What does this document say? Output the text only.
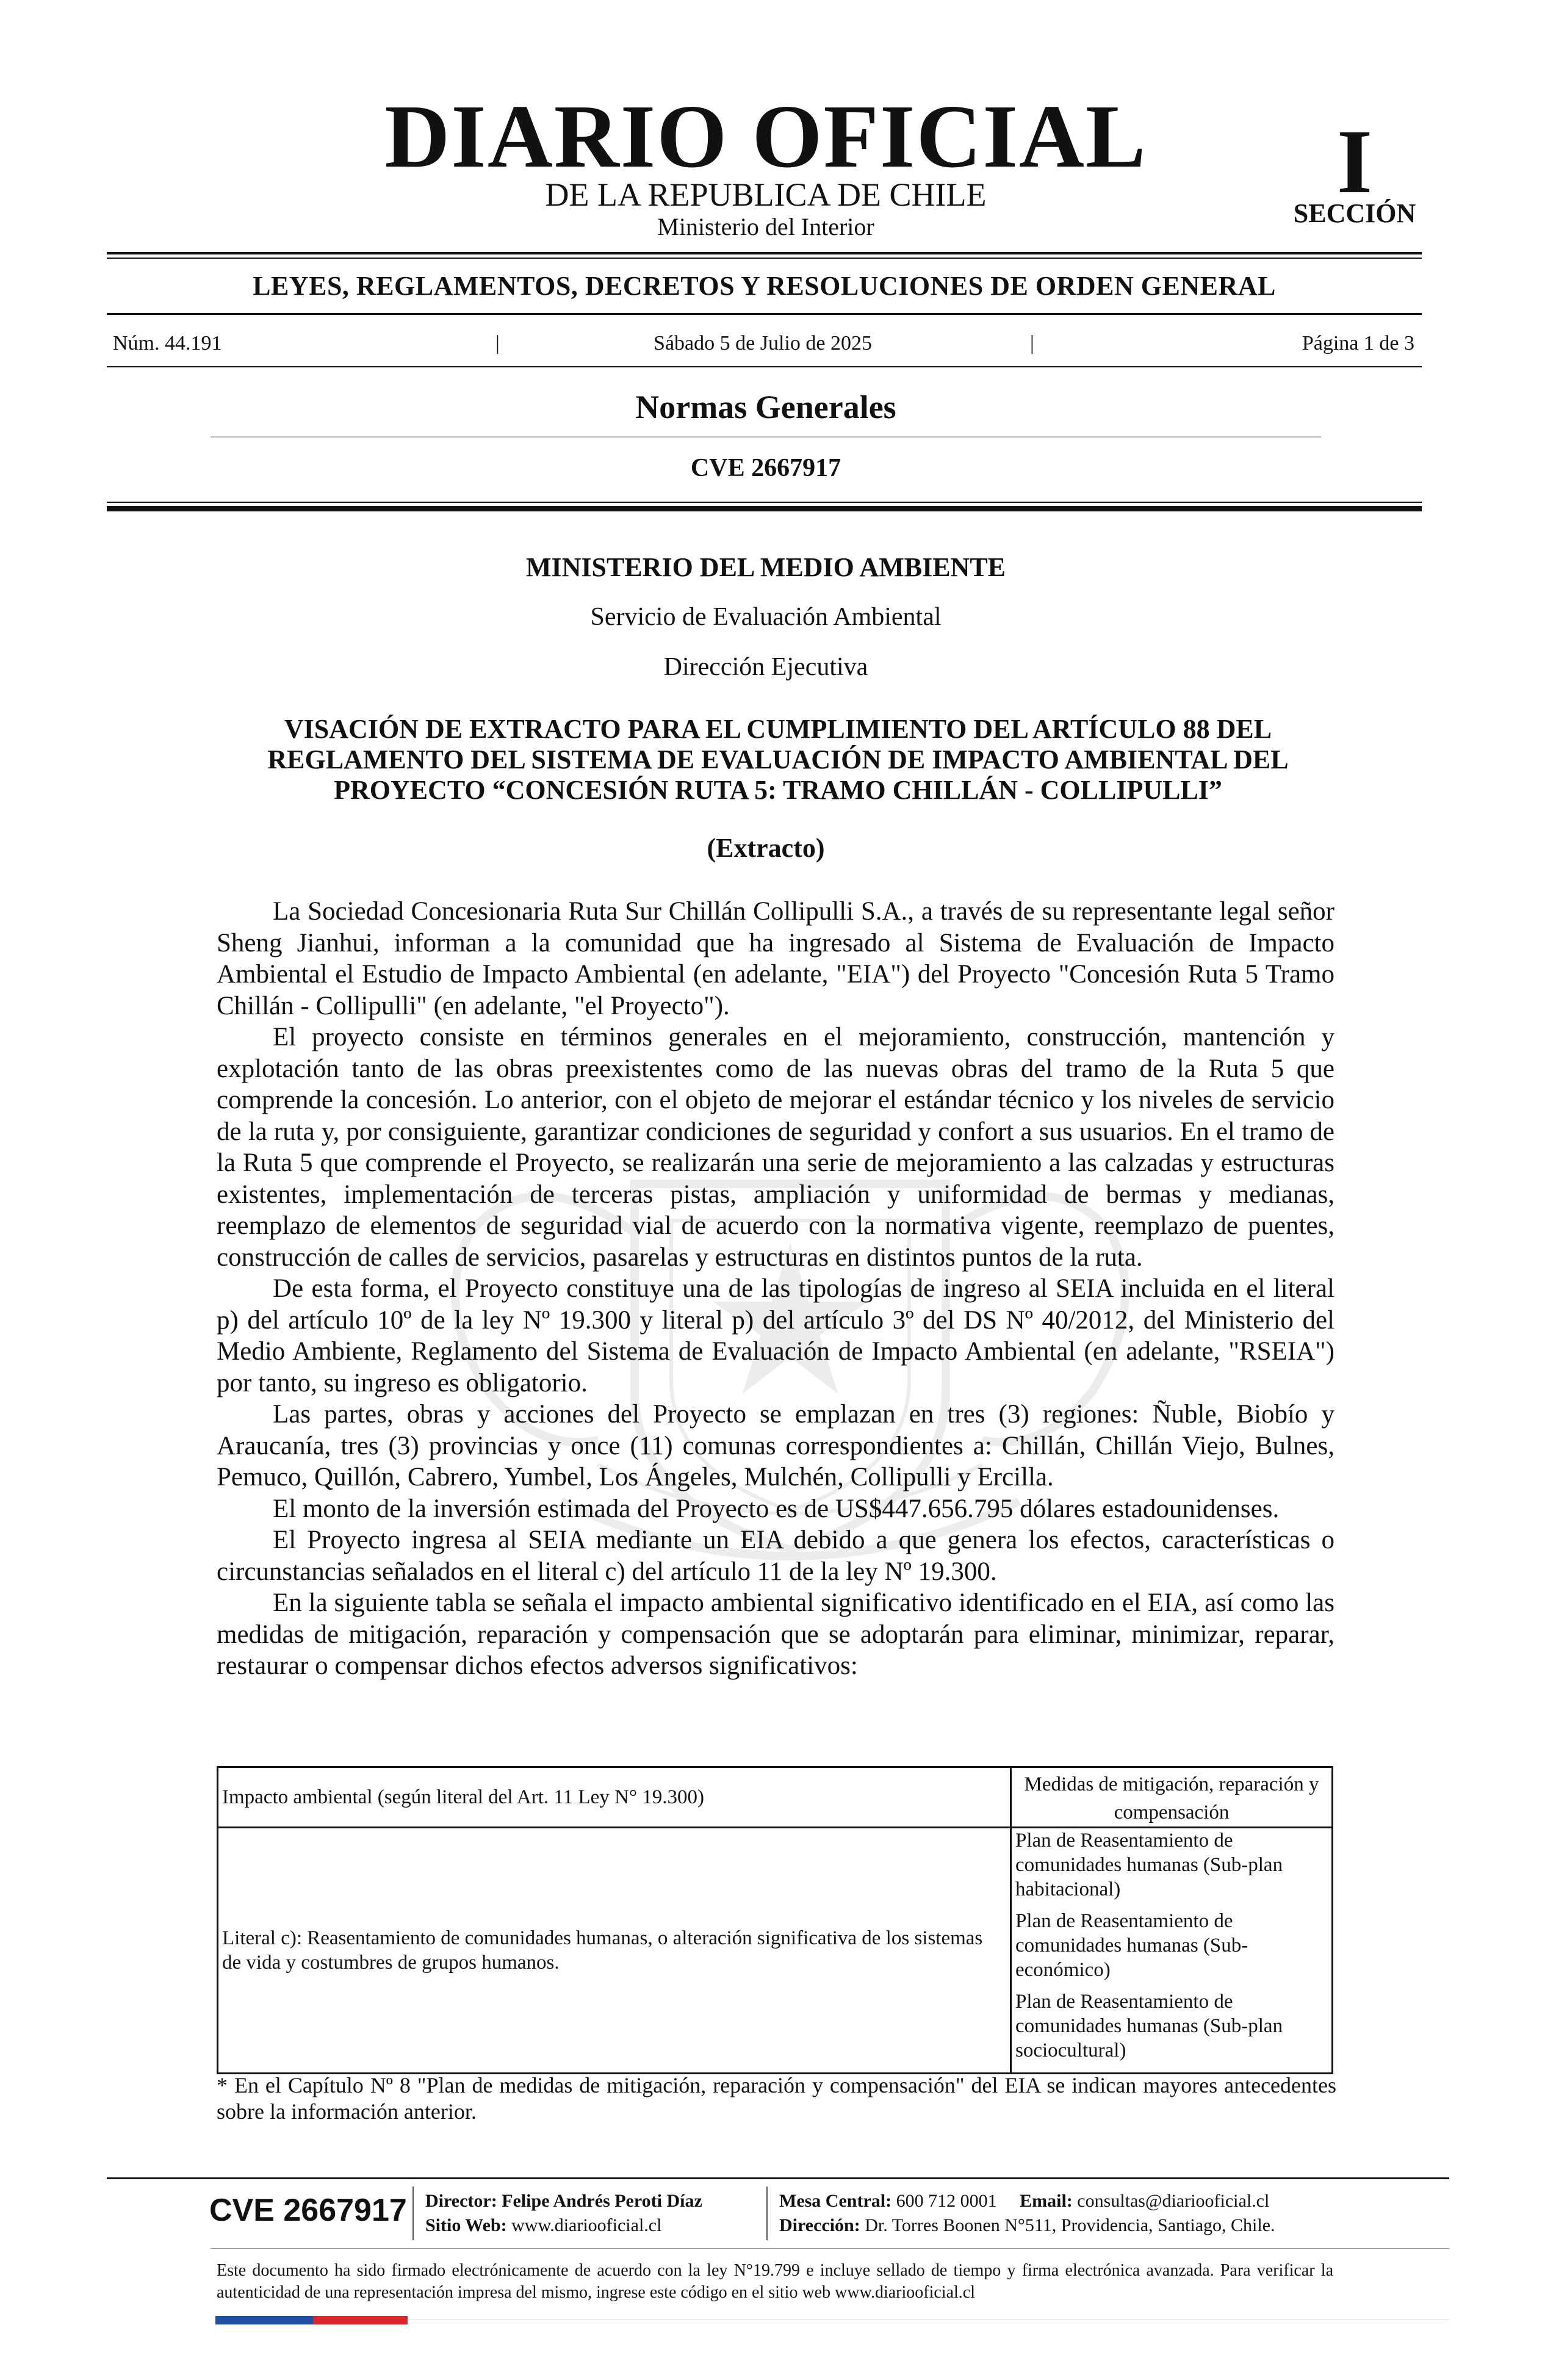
DIARIO OFICIAL
DE LA REPUBLICA DE CHILE
Ministerio del Interior
I
SECCIÓN
LEYES, REGLAMENTOS, DECRETOS Y RESOLUCIONES DE ORDEN GENERAL
Núm. 44.191	|	Sábado 5 de Julio de 2025	|	Página 1 de 3
Normas Generales
CVE 2667917
MINISTERIO DEL MEDIO AMBIENTE
Servicio de Evaluación Ambiental
Dirección Ejecutiva
VISACIÓN DE EXTRACTO PARA EL CUMPLIMIENTO DEL ARTÍCULO 88 DEL
REGLAMENTO DEL SISTEMA DE EVALUACIÓN DE IMPACTO AMBIENTAL DEL
PROYECTO “CONCESIÓN RUTA 5: TRAMO CHILLÁN - COLLIPULLI”
(Extracto)

La Sociedad Concesionaria Ruta Sur Chillán Collipulli S.A., a través de su representante legal señor Sheng Jianhui, informan a la comunidad que ha ingresado al Sistema de Evaluación de Impacto Ambiental el Estudio de Impacto Ambiental (en adelante, "EIA") del Proyecto "Concesión Ruta 5 Tramo Chillán - Collipulli" (en adelante, "el Proyecto").

El proyecto consiste en términos generales en el mejoramiento, construcción, mantención y explotación tanto de las obras preexistentes como de las nuevas obras del tramo de la Ruta 5 que comprende la concesión. Lo anterior, con el objeto de mejorar el estándar técnico y los niveles de servicio de la ruta y, por consiguiente, garantizar condiciones de seguridad y confort a sus usuarios. En el tramo de la Ruta 5 que comprende el Proyecto, se realizarán una serie de mejoramiento a las calzadas y estructuras existentes, implementación de terceras pistas, ampliación y uniformidad de bermas y medianas, reemplazo de elementos de seguridad vial de acuerdo con la normativa vigente, reemplazo de puentes, construcción de calles de servicios, pasarelas y estructuras en distintos puntos de la ruta.

De esta forma, el Proyecto constituye una de las tipologías de ingreso al SEIA incluida en el literal p) del artículo 10º de la ley Nº 19.300 y literal p) del artículo 3º del DS Nº 40/2012, del Ministerio del Medio Ambiente, Reglamento del Sistema de Evaluación de Impacto Ambiental (en adelante, "RSEIA") por tanto, su ingreso es obligatorio.

Las partes, obras y acciones del Proyecto se emplazan en tres (3) regiones: Ñuble, Biobío y Araucanía, tres (3) provincias y once (11) comunas correspondientes a: Chillán, Chillán Viejo, Bulnes, Pemuco, Quillón, Cabrero, Yumbel, Los Ángeles, Mulchén, Collipulli y Ercilla.

El monto de la inversión estimada del Proyecto es de US$447.656.795 dólares estadounidenses.

El Proyecto ingresa al SEIA mediante un EIA debido a que genera los efectos, características o circunstancias señalados en el literal c) del artículo 11 de la ley Nº 19.300.

En la siguiente tabla se señala el impacto ambiental significativo identificado en el EIA, así como las medidas de mitigación, reparación y compensación que se adoptarán para eliminar, minimizar, reparar, restaurar o compensar dichos efectos adversos significativos:

Impacto ambiental (según literal del Art. 11 Ley N° 19.300)	Medidas de mitigación, reparación y compensación
Literal c): Reasentamiento de comunidades humanas, o alteración significativa de los sistemas de vida y costumbres de grupos humanos.	Plan de Reasentamiento de comunidades humanas (Sub-plan habitacional)
Plan de Reasentamiento de comunidades humanas (Sub-económico)
Plan de Reasentamiento de comunidades humanas (Sub-plan sociocultural)
* En el Capítulo Nº 8 "Plan de medidas de mitigación, reparación y compensación" del EIA se indican mayores antecedentes sobre la información anterior.
CVE 2667917 Director: Felipe Andrés Peroti Díaz
Sitio Web: www.diariooficial.cl
Mesa Central: 600 712 0001 Email: consultas@diariooficial.cl
Dirección: Dr. Torres Boonen N°511, Providencia, Santiago, Chile.
Este documento ha sido firmado electrónicamente de acuerdo con la ley N°19.799 e incluye sellado de tiempo y firma electrónica avanzada. Para verificar la autenticidad de una representación impresa del mismo, ingrese este código en el sitio web www.diariooficial.cl
